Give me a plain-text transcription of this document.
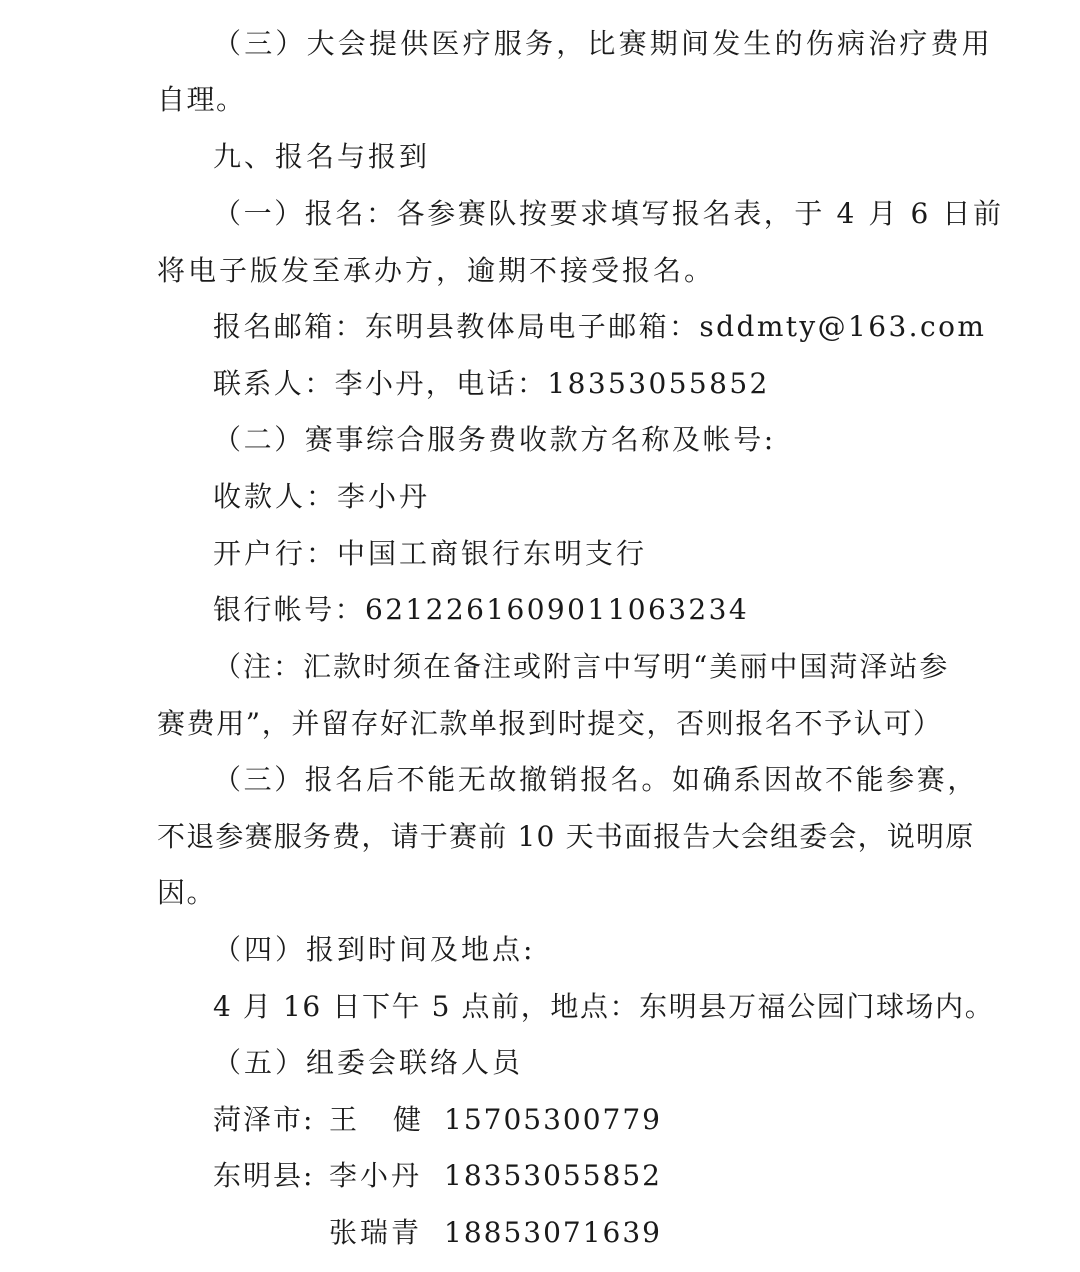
（三）大会提供医疗服务，比赛期间发生的伤病治疗费用
自理。
九、报名与报到
（一）报名：各参赛队按要求填写报名表，于 4 月 6 日前
将电子版发至承办方，逾期不接受报名。
报名邮箱：东明县教体局电子邮箱：sddmty@163.com
联系人：李小丹，电话：18353055852
（二）赛事综合服务费收款方名称及帐号:
收款人：李小丹
开户行：中国工商银行东明支行
银行帐号：6212261609011063234
（注：汇款时须在备注或附言中写明“美丽中国菏泽站参
赛费用”，并留存好汇款单报到时提交，否则报名不予认可）
（三）报名后不能无故撤销报名。如确系因故不能参赛，
不退参赛服务费，请于赛前 10 天书面报告大会组委会，说明原
因。
（四）报到时间及地点:
4 月 16 日下午 5 点前，地点：东明县万福公园门球场内。
（五）组委会联络人员
菏泽市: 王　健 15705300779
东明县: 李小丹 18353055852
张瑞青 18853071639
